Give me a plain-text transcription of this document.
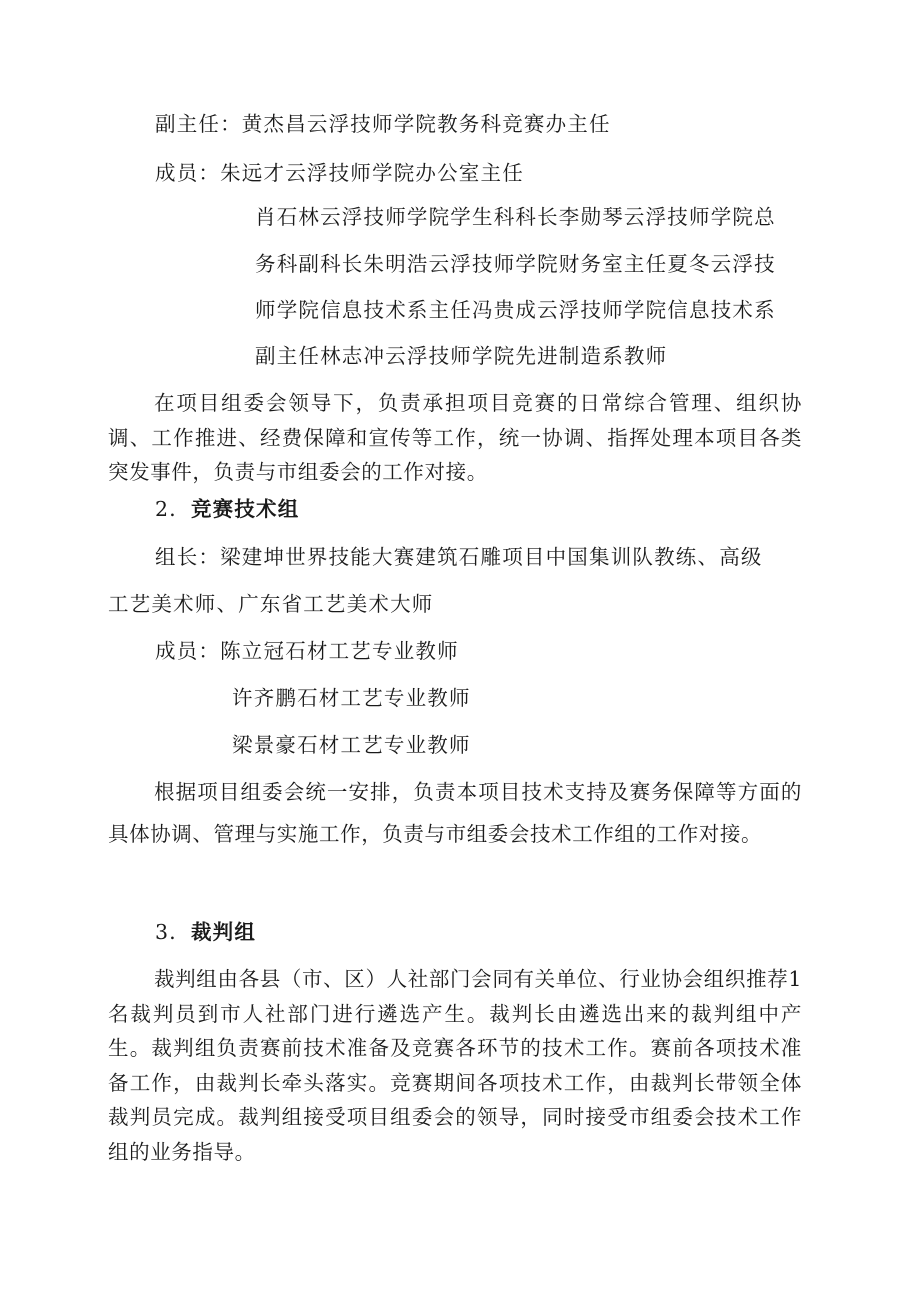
副主任：黄杰昌云浮技师学院教务科竞赛办主任
成员：朱远才云浮技师学院办公室主任
肖石林云浮技师学院学生科科长李勋琴云浮技师学院总
务科副科长朱明浩云浮技师学院财务室主任夏冬云浮技
师学院信息技术系主任冯贵成云浮技师学院信息技术系
副主任林志冲云浮技师学院先进制造系教师
在项目组委会领导下，负责承担项目竞赛的日常综合管理、组织协调、工作推进、经费保障和宣传等工作，统一协调、指挥处理本项目各类突发事件，负责与市组委会的工作对接。
2．竞赛技术组
组长：梁建坤世界技能大赛建筑石雕项目中国集训队教练、高级
工艺美术师、广东省工艺美术大师
成员：陈立冠石材工艺专业教师
许齐鹏石材工艺专业教师
梁景豪石材工艺专业教师
根据项目组委会统一安排，负责本项目技术支持及赛务保障等方面的具体协调、管理与实施工作，负责与市组委会技术工作组的工作对接。
3．裁判组
裁判组由各县（市、区）人社部门会同有关单位、行业协会组织推荐1名裁判员到市人社部门进行遴选产生。裁判长由遴选出来的裁判组中产生。裁判组负责赛前技术准备及竞赛各环节的技术工作。赛前各项技术准备工作，由裁判长牵头落实。竞赛期间各项技术工作，由裁判长带领全体裁判员完成。裁判组接受项目组委会的领导，同时接受市组委会技术工作组的业务指导。
